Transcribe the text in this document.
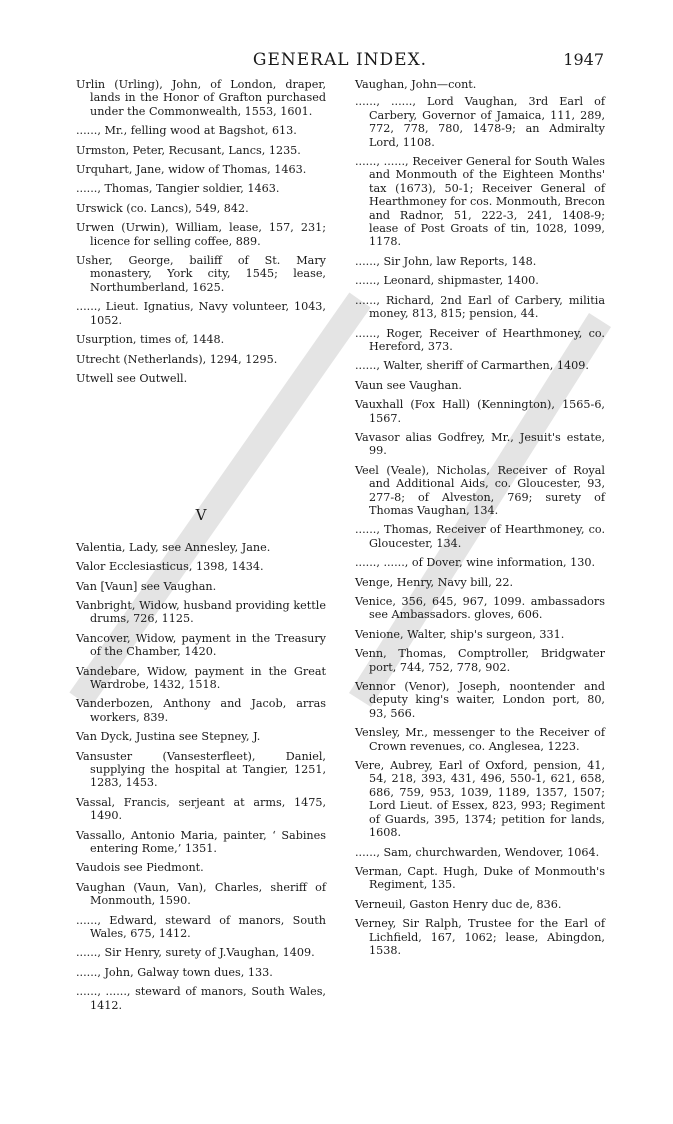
GENERAL INDEX.	1947

Urlin (Urling), John, of London, draper, lands in the Honor of Grafton purchased under the Commonwealth, 1553, 1601.

......, Mr., felling wood at Bagshot, 613.

Urmston, Peter, Recusant, Lancs, 1235.

Urquhart, Jane, widow of Thomas, 1463.

......, Thomas, Tangier soldier, 1463.

Urswick (co. Lancs), 549, 842.

Urwen (Urwin), William, lease, 157, 231; licence for selling coffee, 889.

Usher, George, bailiff of St. Mary monastery, York city, 1545; lease, Northumberland, 1625.

......, Lieut. Ignatius, Navy volunteer, 1043, 1052.

Usurption, times of, 1448.

Utrecht (Netherlands), 1294, 1295.

Utwell see Outwell.

V

Valentia, Lady, see Annesley, Jane.

Valor Ecclesiasticus, 1398, 1434.

Van [Vaun] see Vaughan.

Vanbright, Widow, husband providing kettle drums, 726, 1125.

Vancover, Widow, payment in the Treasury of the Chamber, 1420.

Vandebare, Widow, payment in the Great Wardrobe, 1432, 1518.

Vanderbozen, Anthony and Jacob, arras workers, 839.

Van Dyck, Justina see Stepney, J.

Vansuster (Vansesterfleet), Daniel, supplying the hospital at Tangier, 1251, 1283, 1453.

Vassal, Francis, serjeant at arms, 1475, 1490.

Vassallo, Antonio Maria, painter, ‘ Sabines entering Rome,’ 1351.

Vaudois see Piedmont.

Vaughan (Vaun, Van), Charles, sheriff of Monmouth, 1590.

......, Edward, steward of manors, South Wales, 675, 1412.

......, Sir Henry, surety of J.Vaughan, 1409.

......, John, Galway town dues, 133.

......, ......, steward of manors, South Wales, 1412.

Vaughan, John—cont.

......, ......, Lord Vaughan, 3rd Earl of Carbery, Governor of Jamaica, 111, 289, 772, 778, 780, 1478-9; an Admiralty Lord, 1108.

......, ......, Receiver General for South Wales and Monmouth of the Eighteen Months' tax (1673), 50-1; Receiver General of Hearthmoney for cos. Monmouth, Brecon and Radnor, 51, 222-3, 241, 1408-9; lease of Post Groats of tin, 1028, 1099, 1178.

......, Sir John, law Reports, 148.

......, Leonard, shipmaster, 1400.

......, Richard, 2nd Earl of Carbery, militia money, 813, 815; pension, 44.

......, Roger, Receiver of Hearthmoney, co. Hereford, 373.

......, Walter, sheriff of Carmarthen, 1409.

Vaun see Vaughan.

Vauxhall (Fox Hall) (Kennington), 1565-6, 1567.

Vavasor alias Godfrey, Mr., Jesuit's estate, 99.

Veel (Veale), Nicholas, Receiver of Royal and Additional Aids, co. Gloucester, 93, 277-8; of Alveston, 769; surety of Thomas Vaughan, 134.

......, Thomas, Receiver of Hearthmoney, co. Gloucester, 134.

......, ......, of Dover, wine information, 130.

Venge, Henry, Navy bill, 22.

Venice, 356, 645, 967, 1099. ambassadors see Ambassadors. gloves, 606.

Venione, Walter, ship's surgeon, 331.

Venn, Thomas, Comptroller, Bridgwater port, 744, 752, 778, 902.

Vennor (Venor), Joseph, noontender and deputy king's waiter, London port, 80, 93, 566.

Vensley, Mr., messenger to the Receiver of Crown revenues, co. Anglesea, 1223.

Vere, Aubrey, Earl of Oxford, pension, 41, 54, 218, 393, 431, 496, 550-1, 621, 658, 686, 759, 953, 1039, 1189, 1357, 1507; Lord Lieut. of Essex, 823, 993; Regiment of Guards, 395, 1374; petition for lands, 1608.

......, Sam, churchwarden, Wendover, 1064.

Verman, Capt. Hugh, Duke of Monmouth's Regiment, 135.

Verneuil, Gaston Henry duc de, 836.

Verney, Sir Ralph, Trustee for the Earl of Lichfield, 167, 1062; lease, Abingdon, 1538.
